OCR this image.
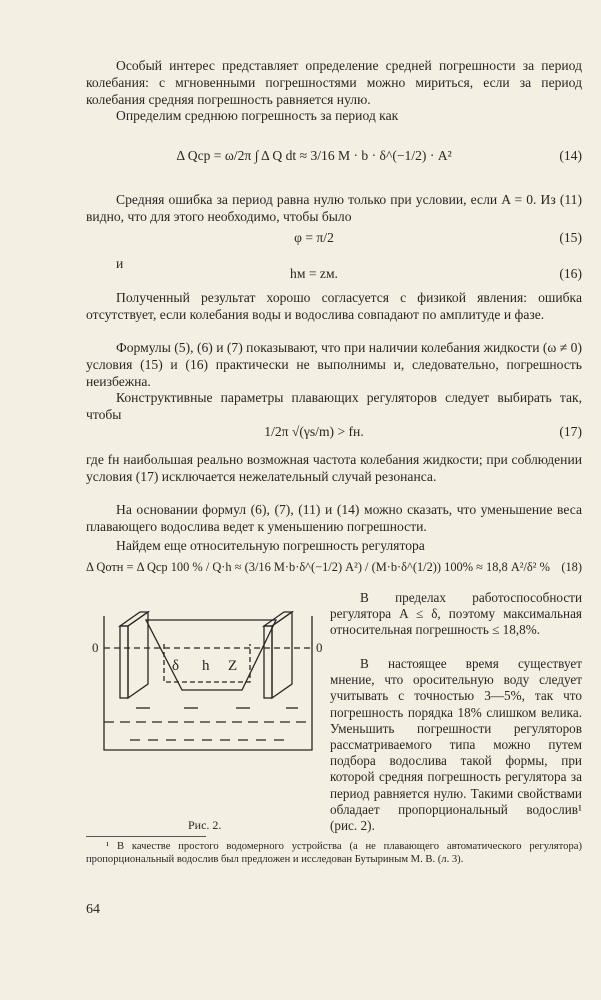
Особый интерес представляет определение средней погрешности за период колебания: с мгновенными погрешностями можно мириться, если за период колебания средняя погрешность равняется нулю.

Определим среднюю погрешность за период как

Δ Qср = ω/2π ∫ Δ Q dt ≈ 3/16 M · b · δ^(−1/2) · A²	(14)

Средняя ошибка за период равна нулю только при условии, если A = 0. Из (11) видно, что для этого необходимо, чтобы было

φ = π/2	(15)
и
hм = zм.	(16)

Полученный результат хорошо согласуется с физикой явления: ошибка отсутствует, если колебания воды и водослива совпадают по амплитуде и фазе.

Формулы (5), (6) и (7) показывают, что при наличии колебания жидкости (ω ≠ 0) условия (15) и (16) практически не выполнимы и, следовательно, погрешность неизбежна.

Конструктивные параметры плавающих регуляторов следует выбирать так, чтобы

1/2π √(γs/m) > fн.	(17)

где fн наибольшая реально возможная частота колебания жидкости; при соблюдении условия (17) исключается нежелательный случай резонанса.

На основании формул (6), (7), (11) и (14) можно сказать, что уменьшение веса плавающего водослива ведет к уменьшению погрешности.

Найдем еще относительную погрешность регулятора

Δ Qотн = Δ Qср 100 % / Q·h ≈ (3/16 M·b·δ^(−1/2) A²) / (M·b·δ^(1/2)) 100% ≈ 18,8 A²/δ² % (18)
0	0
δ h Z
Рис. 2.

В пределах работоспособности регулятора A ≤ δ, поэтому максимальная относительная погрешность ≤ 18,8%.

В настоящее время существует мнение, что оросительную воду следует учитывать с точностью 3—5%, так что погрешность порядка 18% слишком велика. Уменьшить погрешности регуляторов рассматриваемого типа можно путем подбора водослива такой формы, при которой средняя погрешность регулятора за период равняется нулю. Такими свойствами обладает пропорциональный водослив¹ (рис. 2).

¹ В качестве простого водомерного устройства (а не плавающего автоматического регулятора) пропорциональный водослив был предложен и исследован Бутыриным М. В. (л. 3).

64
